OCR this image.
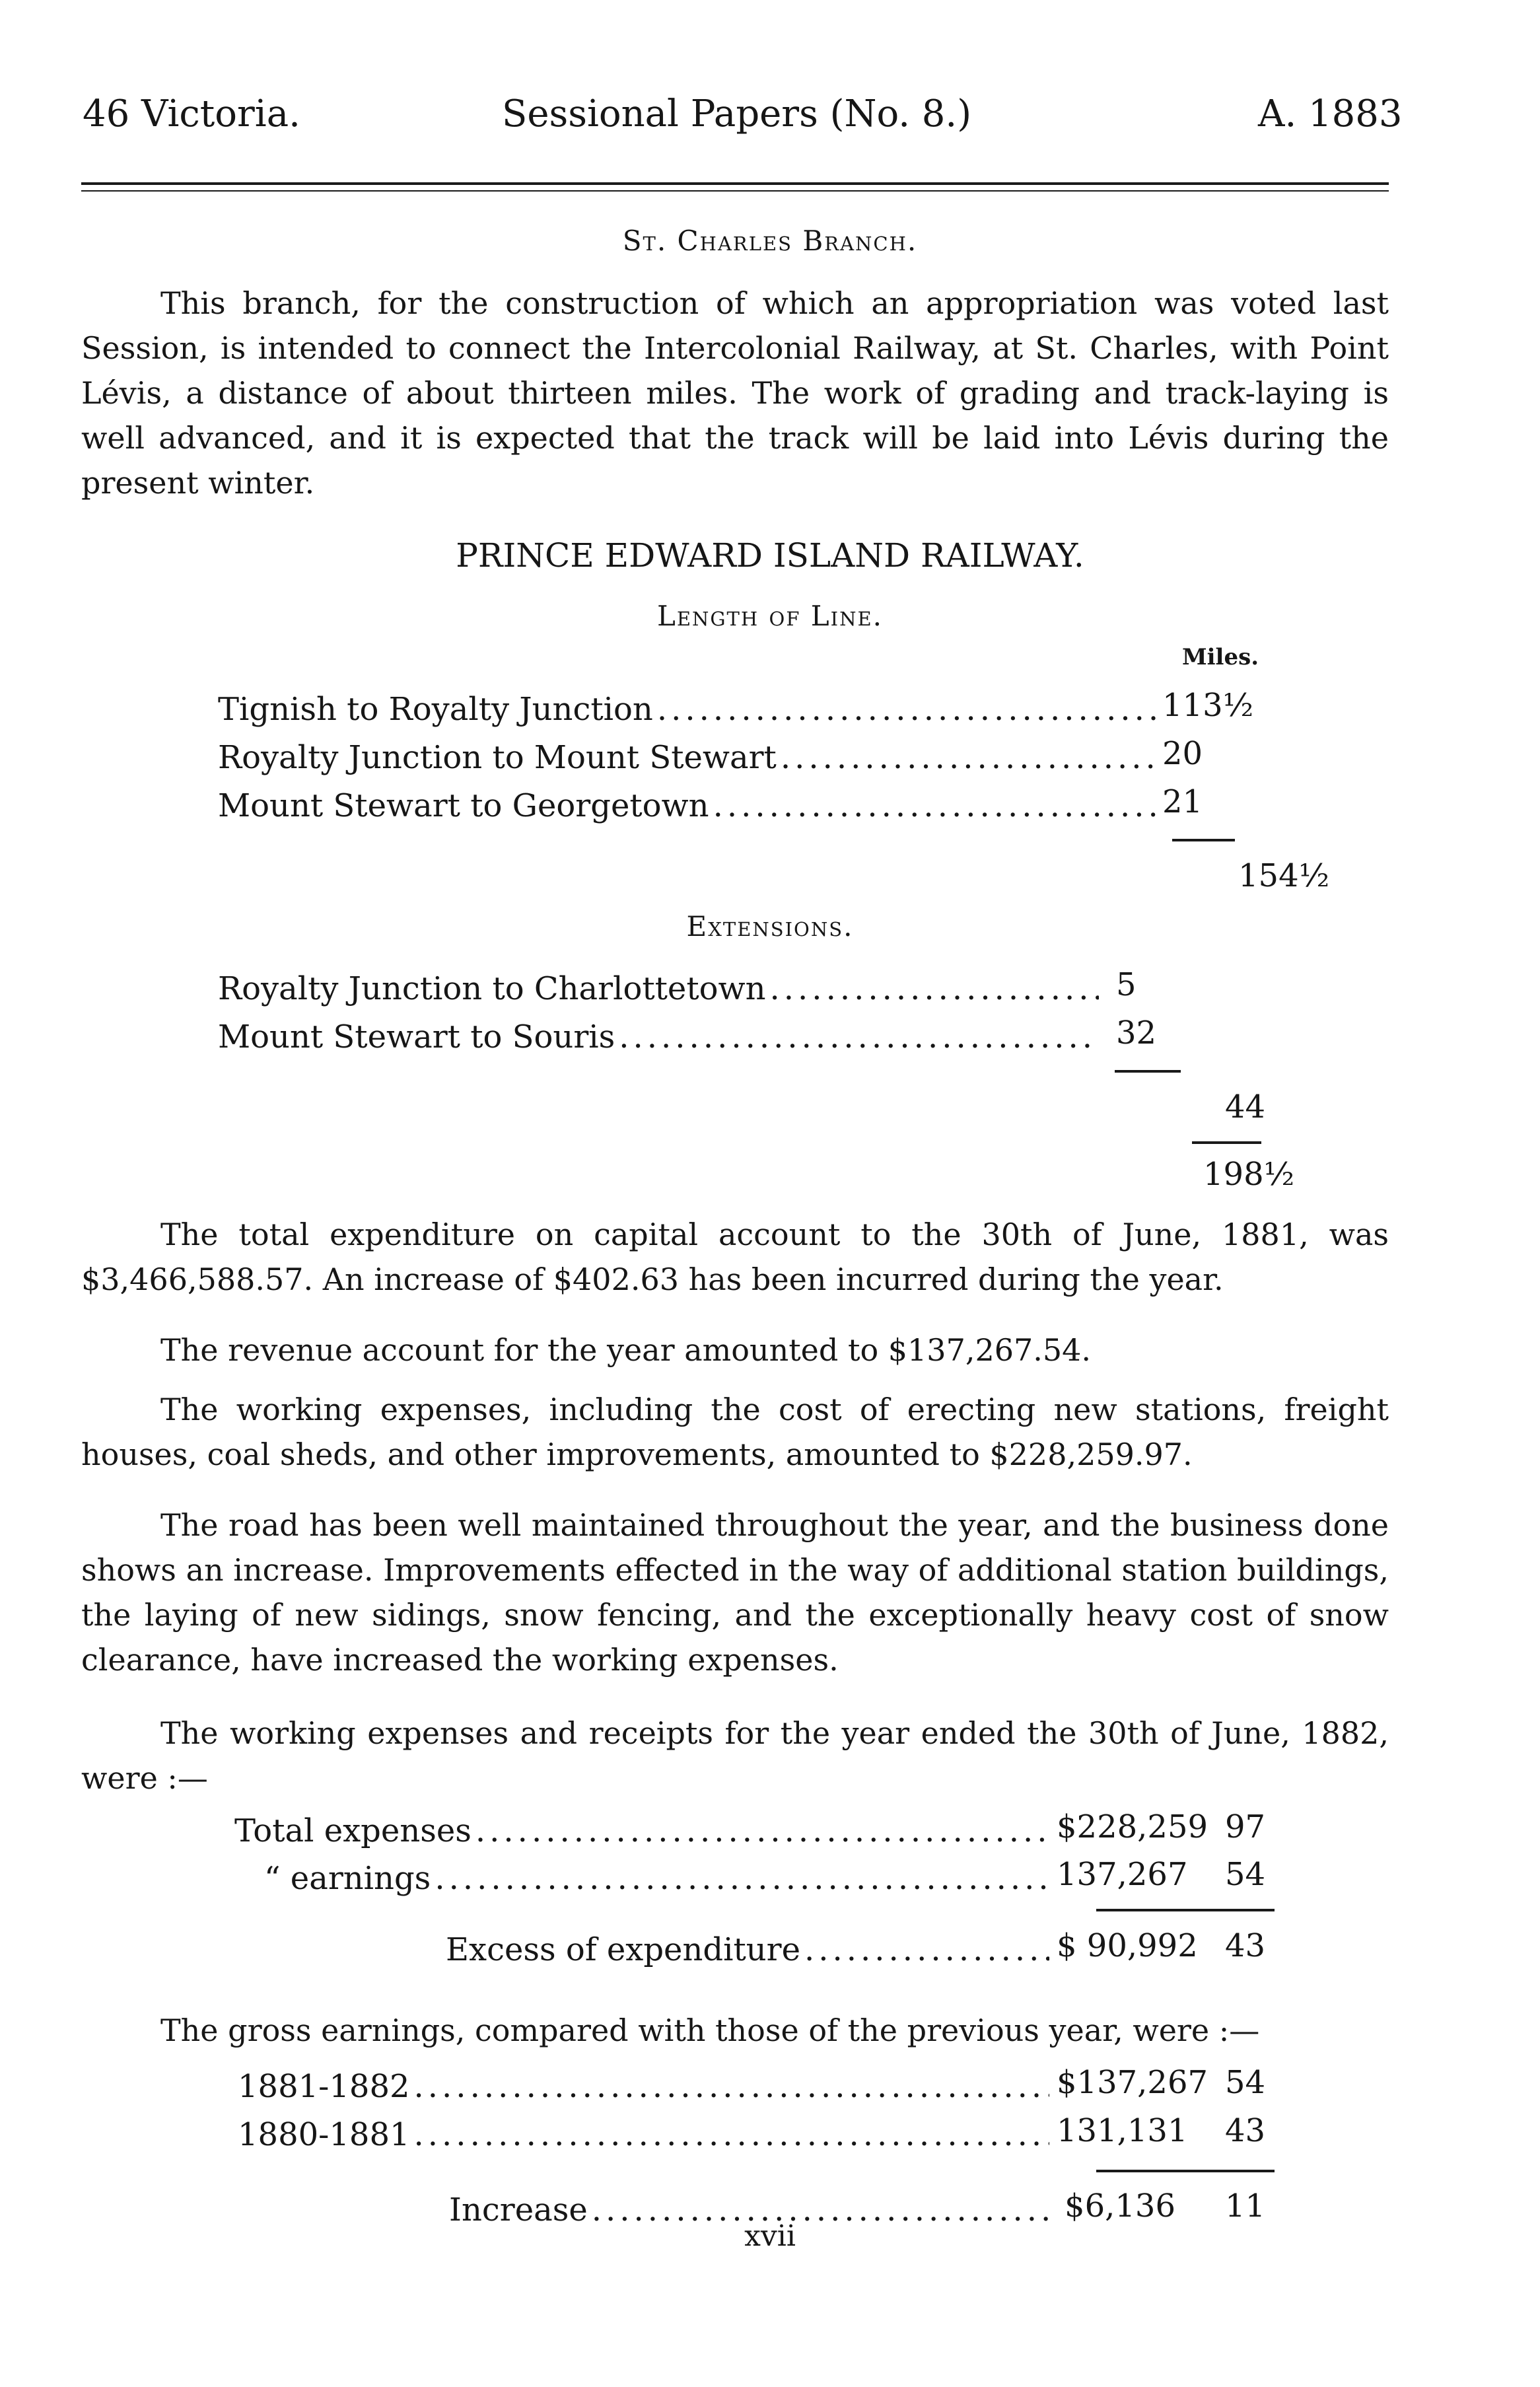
46 Victoria.	Sessional Papers (No. 8.)	A. 1883
St. Charles Branch.
This branch, for the construction of which an appropriation was voted last Session, is intended to connect the Intercolonial Railway, at St. Charles, with Point Lévis, a distance of about thirteen miles. The work of grading and track-laying is well advanced, and it is expected that the track will be laid into Lévis during the present winter.
PRINCE EDWARD ISLAND RAILWAY.
Length of Line.
Miles.
Tignish to Royalty Junction .....	113½
Royalty Junction to Mount Stewart .....	20
Mount Stewart to Georgetown .....	21
154½
Extensions.
Royalty Junction to Charlottetown .....	5
Mount Stewart to Souris .....	32
44
198½
The total expenditure on capital account to the 30th of June, 1881, was $3,466,588.57. An increase of $402.63 has been incurred during the year.
The revenue account for the year amounted to $137,267.54.
The working expenses, including the cost of erecting new stations, freight houses, coal sheds, and other improvements, amounted to $228,259.97.
The road has been well maintained throughout the year, and the business done shows an increase. Improvements effected in the way of additional station buildings, the laying of new sidings, snow fencing, and the exceptionally heavy cost of snow clearance, have increased the working expenses.
The working expenses and receipts for the year ended the 30th of June, 1882, were :—
Total expenses .....	$228,259 97
“ earnings .....	137,267 54
Excess of expenditure .....	$ 90,992 43
The gross earnings, compared with those of the previous year, were :—
1881-1882 .....	$137,267 54
1880-1881 .....	131,131 43
Increase .....	$6,136 11
xvii
